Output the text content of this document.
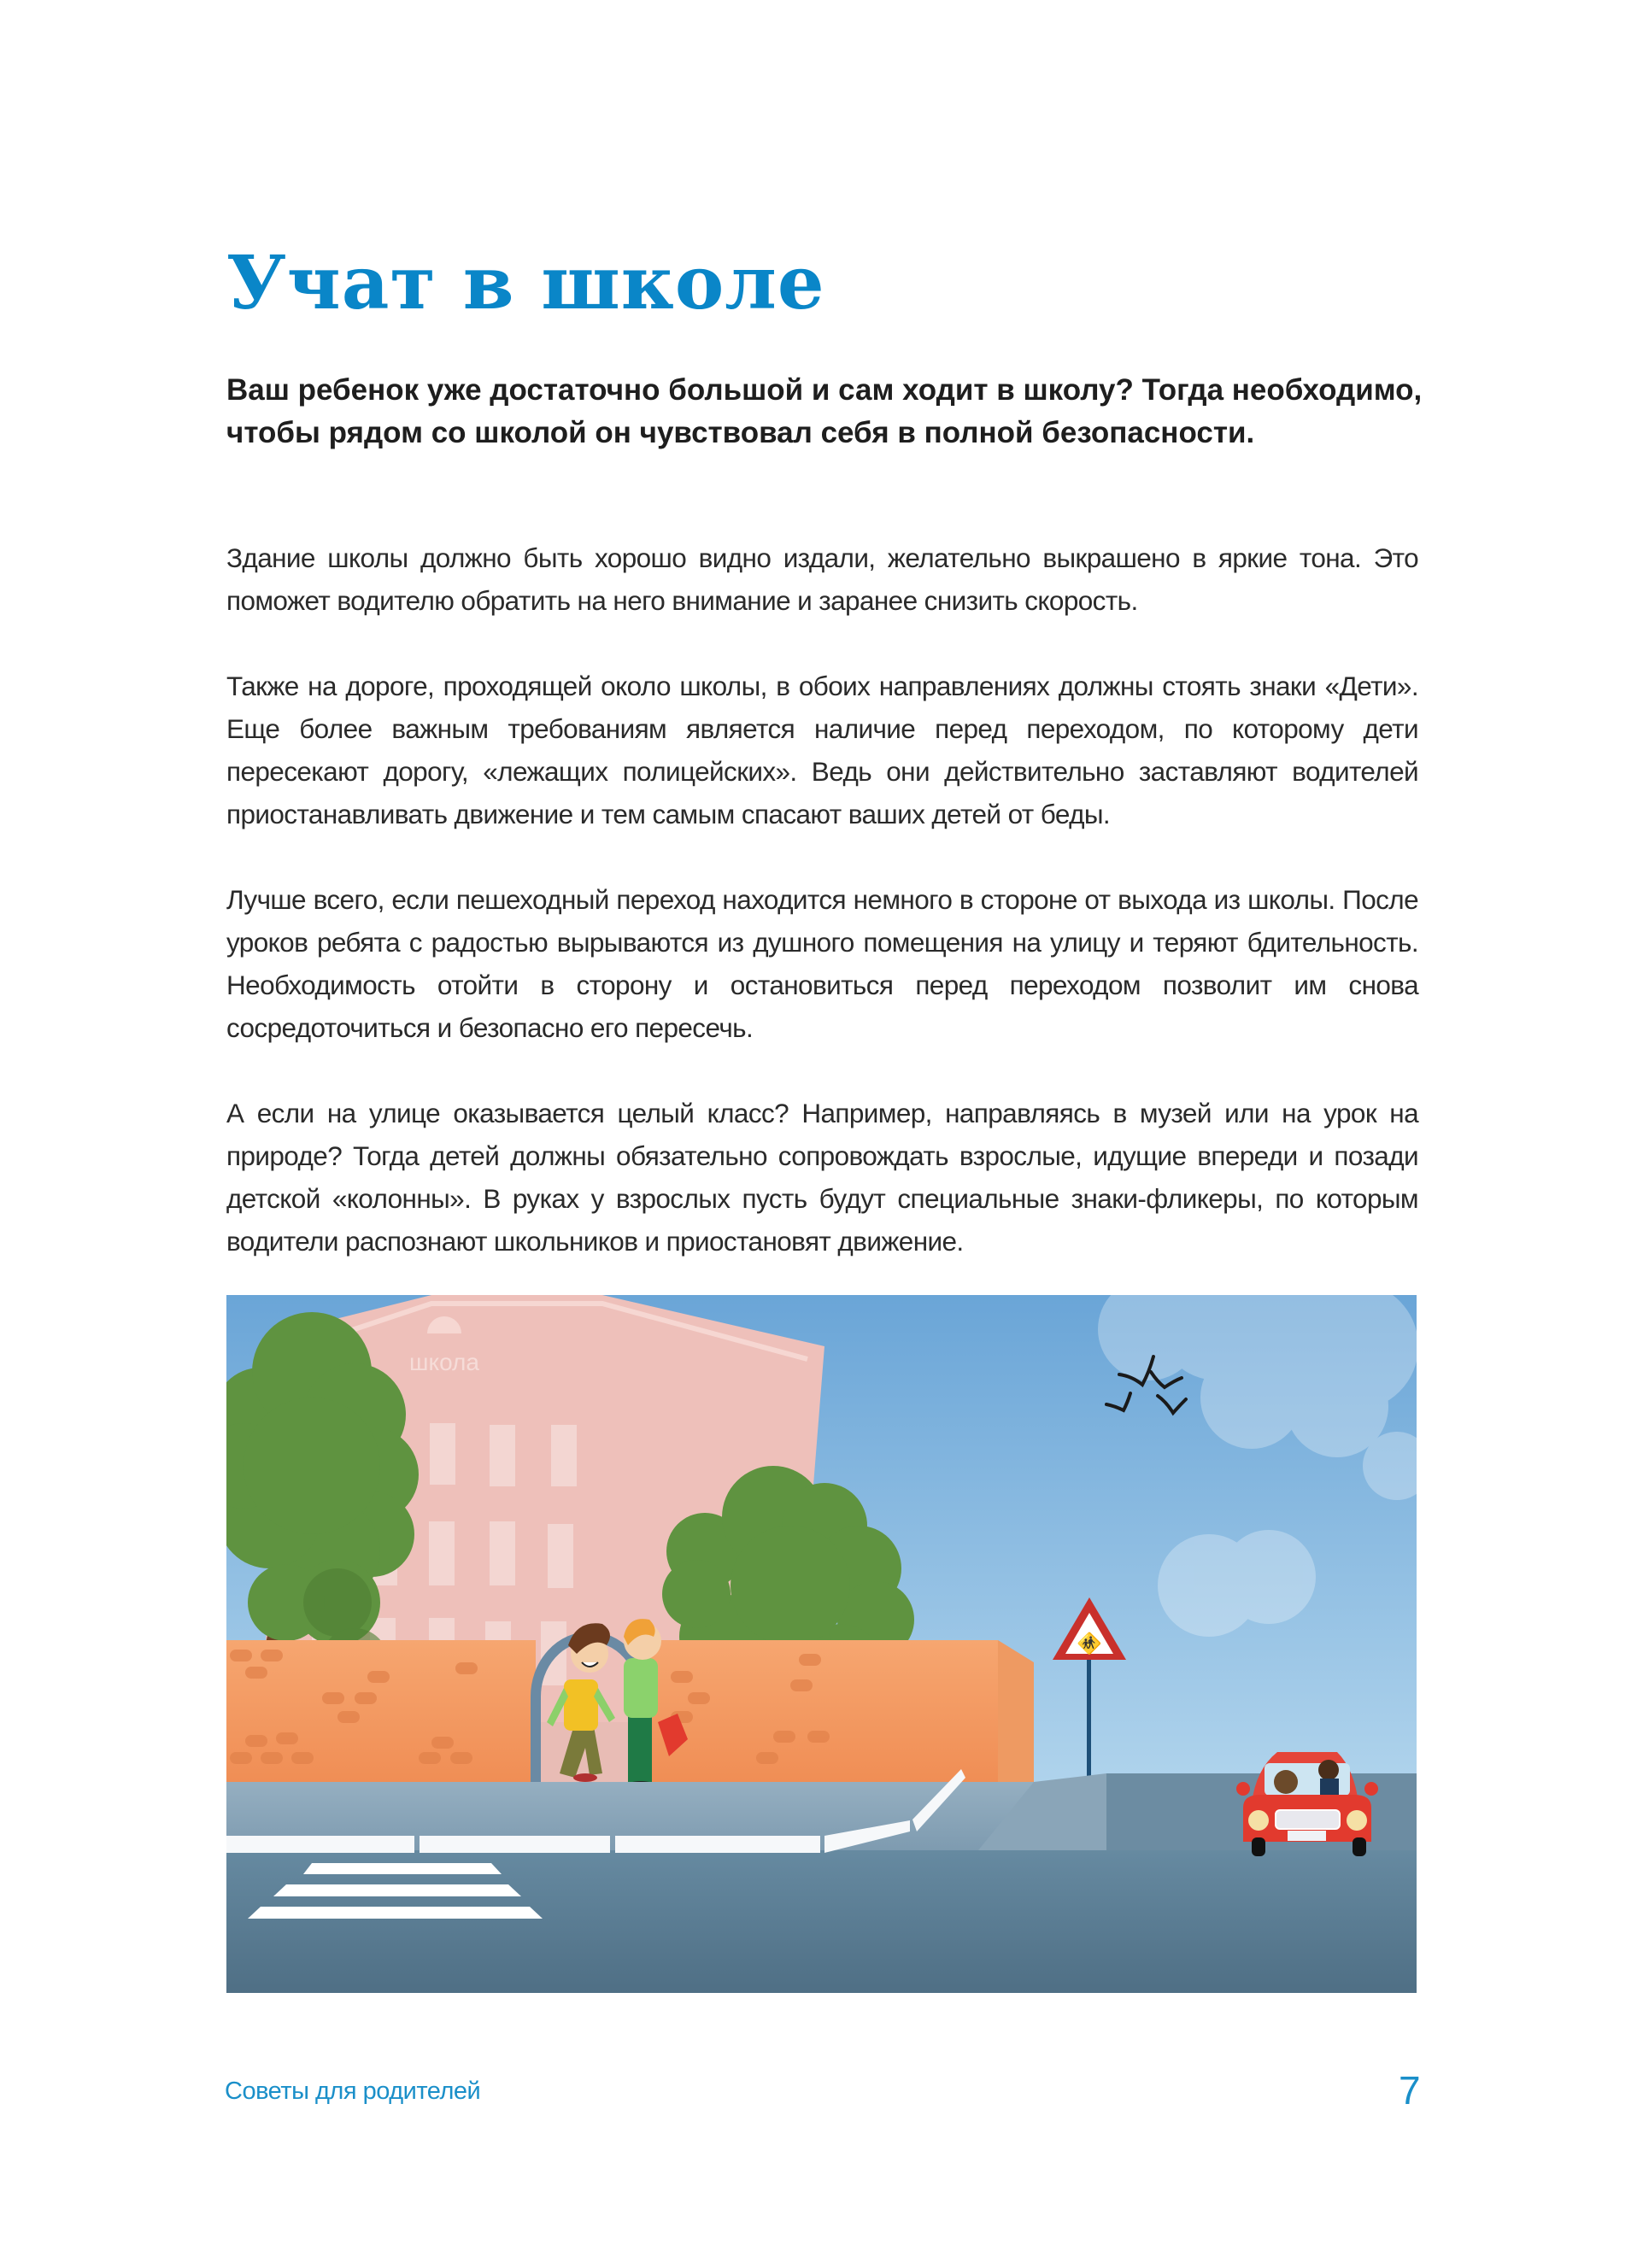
Учат в школе

Ваш ребенок уже достаточно большой и сам ходит в школу? Тогда необходимо, чтобы рядом со школой он чувствовал себя в полной безопасности.

Здание школы должно быть хорошо видно издали, желательно выкрашено в яркие тона. Это поможет водителю обратить на него внимание и заранее снизить скорость.

Также на дороге, проходящей около школы, в обоих направлениях должны стоять знаки «Дети». Еще более важным требованиям является наличие перед переходом, по которому дети пересекают дорогу, «лежащих полицейских». Ведь они действительно заставляют водителей приостанавливать движение и тем самым спасают ваших детей от беды.

Лучше всего, если пешеходный переход находится немного в стороне от выхода из школы. После уроков ребята с радостью вырываются из душного помещения на улицу и теряют бдительность. Необходимость отойти в сторону и остановиться перед переходом позволит им снова сосредоточиться и безопасно его пересечь.

А если на улице оказывается целый класс? Например, направляясь в музей или на урок на природе? Тогда детей должны обязательно сопровождать взрослые, идущие впереди и позади детской «колонны». В руках у взрослых пусть будут специальные знаки-фликеры, по которым водители распознают школьников и приостановят движение.

школа
🚸
Советы для родителей	7
